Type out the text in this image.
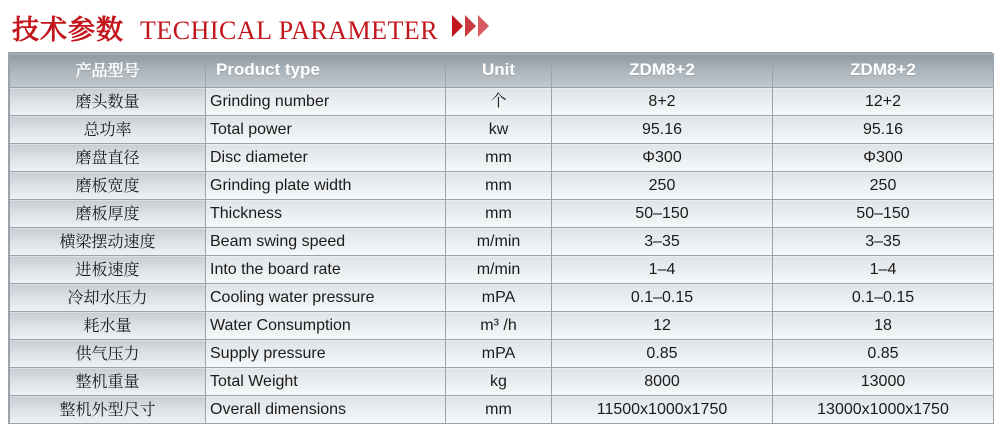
技术参数 TECHICAL PARAMETER
产品型号	Product type	Unit	ZDM8+2	ZDM8+2
磨头数量	Grinding number	个	8+2	12+2
总功率	Total power	kw	95.16	95.16
磨盘直径	Disc diameter	mm	Φ300	Φ300
磨板宽度	Grinding plate width	mm	250	250
磨板厚度	Thickness	mm	50–150	50–150
横梁摆动速度	Beam swing speed	m/min	3–35	3–35
进板速度	Into the board rate	m/min	1–4	1–4
冷却水压力	Cooling water pressure	mPA	0.1–0.15	0.1–0.15
耗水量	Water Consumption	m³ /h	12	18
供气压力	Supply pressure	mPA	0.85	0.85
整机重量	Total Weight	kg	8000	13000
整机外型尺寸	Overall dimensions	mm	11500x1000x1750	13000x1000x1750
